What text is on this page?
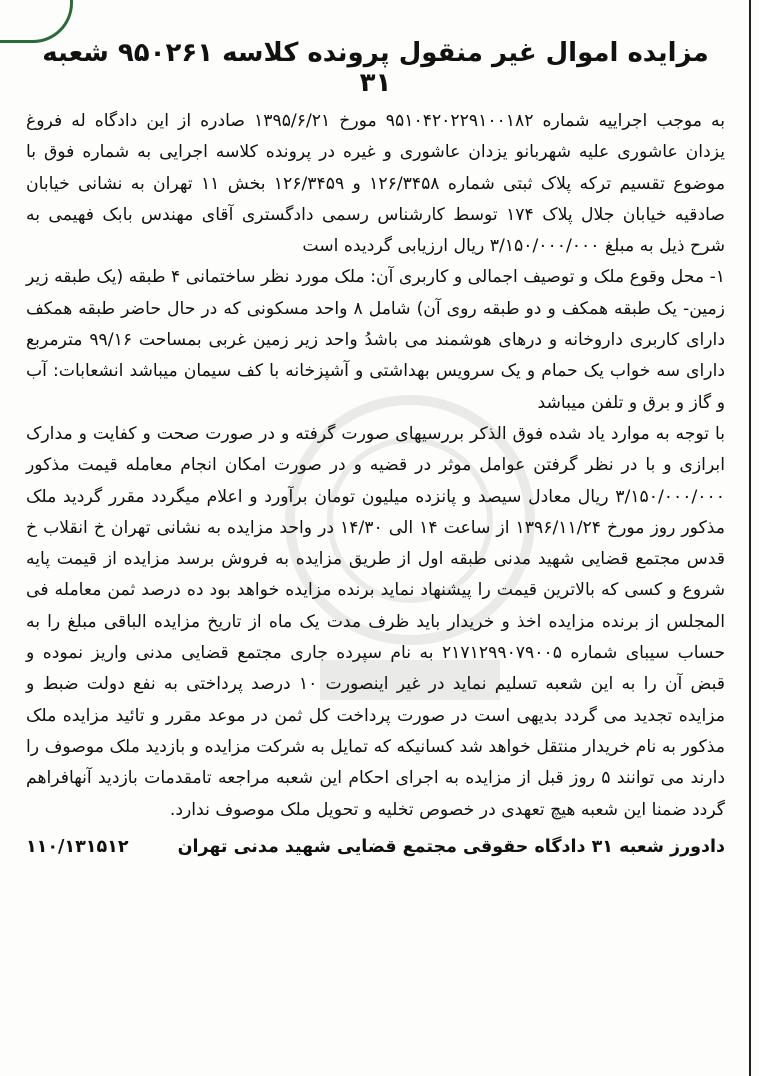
مزایده اموال غیر منقول پرونده کلاسه ۹۵۰۲۶۱ شعبه ۳۱

به موجب اجراییه شماره ۹۵۱۰۴۲۰۲۲۹۱۰۰۱۸۲ مورخ ۱۳۹۵/۶/۲۱ صادره از این دادگاه له فروغ یزدان عاشوری علیه شهربانو یزدان عاشوری و غیره در پرونده کلاسه اجرایی به شماره فوق با موضوع تقسیم ترکه پلاک ثبتی شماره ۱۲۶/۳۴۵۸ و ۱۲۶/۳۴۵۹ بخش ۱۱ تهران به نشانی خیابان صادقیه خیابان جلال پلاک ۱۷۴ توسط کارشناس رسمی دادگستری آقای مهندس بابک فهیمی به شرح ذیل به مبلغ ۳/۱۵۰/۰۰۰/۰۰۰ ریال ارزیابی گردیده است

۱- محل وقوع ملک و توصیف اجمالی و کاربری آن: ملک مورد نظر ساختمانی ۴ طبقه (یک طبقه زیر زمین- یک طبقه همکف و دو طبقه روی آن) شامل ۸ واحد مسکونی که در حال حاضر طبقه همکف دارای کاربری داروخانه و درهای هوشمند می باشدُ واحد زیر زمین غربی بمساحت ۹۹/۱۶ مترمربع دارای سه خواب یک حمام و یک سرویس بهداشتی و آشپزخانه با کف سیمان میباشد انشعابات: آب و گاز و برق و تلفن میباشد

با توجه به موارد یاد شده فوق الذکر بررسیهای صورت گرفته و در صورت صحت و کفایت و مدارک ابرازی و با در نظر گرفتن عوامل موثر در قضیه و در صورت امکان انجام معامله قیمت مذکور ۳/۱۵۰/۰۰۰/۰۰۰ ریال معادل سیصد و پانزده میلیون تومان برآورد و اعلام میگردد مقرر گردید ملک مذکور روز مورخ ۱۳۹۶/۱۱/۲۴ از ساعت ۱۴ الی ۱۴/۳۰ در واحد مزایده به نشانی تهران خ انقلاب خ قدس مجتمع قضایی شهید مدنی طبقه اول از طریق مزایده به فروش برسد مزایده از قیمت پایه شروع و کسی که بالاترین قیمت را پیشنهاد نماید برنده مزایده خواهد بود ده درصد ثمن معامله فی المجلس از برنده مزایده اخذ و خریدار باید ظرف مدت یک ماه از تاریخ مزایده الباقی مبلغ را به حساب سیبای شماره ۲۱۷۱۲۹۹۰۷۹۰۰۵ به نام سپرده جاری مجتمع قضایی مدنی واریز نموده و قبض آن را به این شعبه تسلیم نماید در غیر اینصورت ۱۰ درصد پرداختی به نفع دولت ضبط و مزایده تجدید می گردد بدیهی است در صورت پرداخت کل ثمن در موعد مقرر و تائید مزایده ملک مذکور به نام خریدار منتقل خواهد شد کسانیکه که تمایل به شرکت مزایده و بازدید ملک موصوف را دارند می توانند ۵ روز قبل از مزایده به اجرای احکام این شعبه مراجعه تامقدمات بازدید آنهافراهم گردد ضمنا این شعبه هیچ تعهدی در خصوص تخلیه و تحویل ملک موصوف ندارد.

۱۱۰/۱۳۱۵۱۲	دادورز شعبه ۳۱ دادگاه حقوقی مجتمع قضایی شهید مدنی تهران
